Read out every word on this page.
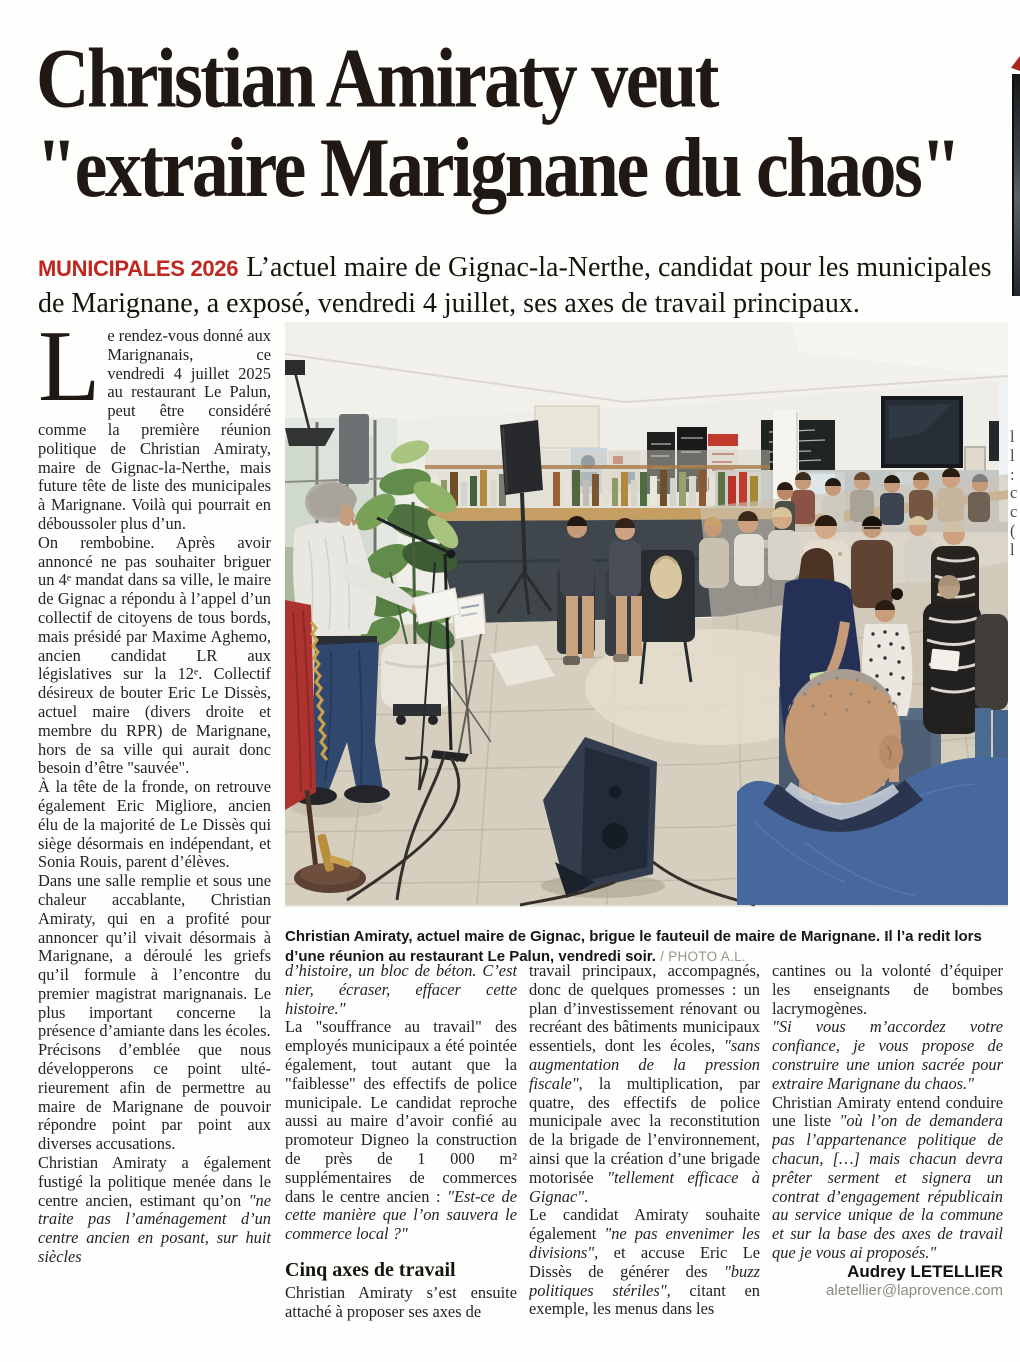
Christian Amiraty veut
"extraire Marignane du chaos"

MUNICIPALES 2026 L’actuel maire de Gignac-la-Nerthe, candidat pour les municipales de Marignane, a exposé, vendredi 4 juillet, ses axes de travail principaux.

Le rendez-vous donné aux Marignanais, ce vendredi 4 juillet 2025 au restaurant Le Palun, peut être considéré comme la première réunion politique de Christian Amiraty, maire de Gignac-la-Nerthe, mais future tête de liste des municipales à Marignane. Voilà qui pourrait en déboussoler plus d’un.

On rembobine. Après avoir annoncé ne pas souhaiter briguer un 4ᵉ mandat dans sa ville, le maire de Gignac a répondu à l’appel d’un collectif de citoyens de tous bords, mais présidé par Maxime Aghemo, ancien candidat LR aux législatives sur la 12ᵉ. Collectif désireux de bouter Eric Le Dissès, actuel maire (divers droite et membre du RPR) de Marignane, hors de sa ville qui aurait donc besoin d’être "sauvée".

À la tête de la fronde, on retrouve également Eric Migliore, ancien élu de la majorité de Le Dissès qui siège désormais en indépendant, et Sonia Rouis, parent d’élèves.

Dans une salle remplie et sous une chaleur accablante, Christian Amiraty, qui en a profité pour annoncer qu’il vivait désormais à Marignane, a déroulé les griefs qu’il formule à l’encontre du premier magistrat marignanais. Le plus important concerne la présence d’amiante dans les écoles.

Précisons d’emblée que nous développerons ce point ultérieurement afin de permettre au maire de Marignane de pouvoir répondre point par point aux diverses accusations.

Christian Amiraty a également fustigé la politique menée dans le centre ancien, estimant qu’on "ne traite pas l’aménagement d’un centre ancien en posant, sur huit siècles

Christian Amiraty, actuel maire de Gignac, brigue le fauteuil de maire de Marignane. Il l’a redit lors d’une réunion au restaurant Le Palun, vendredi soir. / PHOTO A.L.

d’histoire, un bloc de béton. C’est nier, écraser, effacer cette histoire."

La "souffrance au travail" des employés municipaux a été pointée également, tout autant que la "faiblesse" des effectifs de police municipale. Le candidat reproche aussi au maire d’avoir confié au promoteur Digneo la construction de près de 1 000 m² supplémentaires de commerces dans le centre ancien : "Est-ce de cette manière que l’on sauvera le commerce local ?"

Cinq axes de travail

Christian Amiraty s’est ensuite attaché à proposer ses axes de

travail principaux, accompagnés, donc de quelques promesses : un plan d’investissement rénovant ou recréant des bâtiments municipaux essentiels, dont les écoles, "sans augmentation de la pression fiscale", la multiplication, par quatre, des effectifs de police municipale avec la reconstitution de la brigade de l’environnement, ainsi que la création d’une brigade motorisée "tellement efficace à Gignac".

Le candidat Amiraty souhaite également "ne pas envenimer les divisions", et accuse Eric Le Dissès de générer des "buzz politiques stériles", citant en exemple, les menus dans les

cantines ou la volonté d’équiper les enseignants de bombes lacrymogènes.

"Si vous m’accordez votre confiance, je vous propose de construire une union sacrée pour extraire Marignane du chaos."

Christian Amiraty entend conduire une liste "où l’on de demandera pas l’appartenance politique de chacun, […] mais chacun devra prêter serment et signera un contrat d’engagement républicain au service unique de la commune et sur la base des axes de travail que je vous ai proposés."

Audrey LETELLIER

aletellier@laprovence.com

l
l
:
c
c
(
l
